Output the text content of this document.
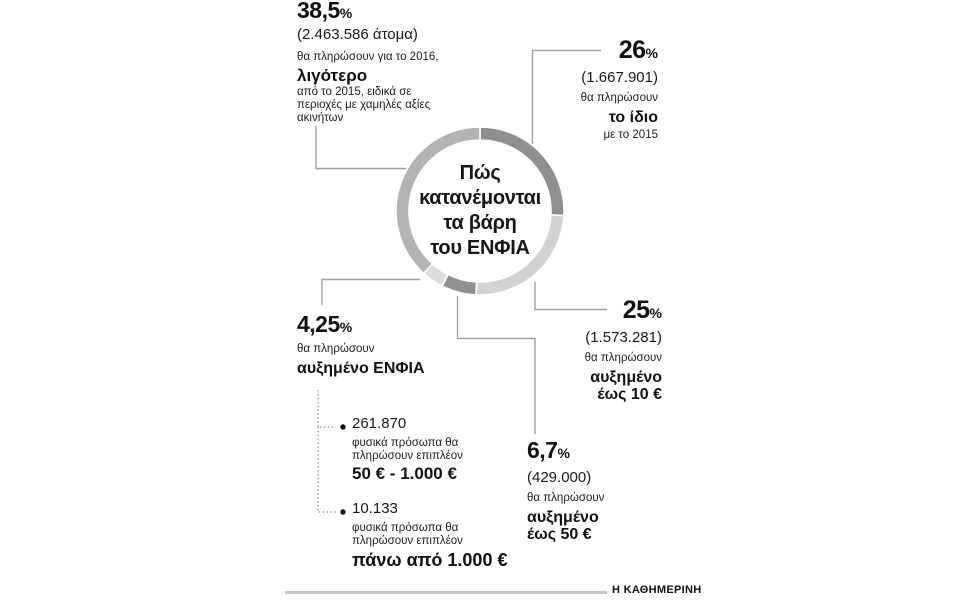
Πώς
κατανέμονται
τα βάρη
του ΕΝΦΙΑ
38,5%
(2.463.586 άτομα)
θα πληρώσουν για το 2016,
λιγότερο
από το 2015, ειδικά σε
περιοχές με χαμηλές αξίες
ακινήτων
26%
(1.667.901)
θα πληρώσουν
το ίδιο
με το 2015
25%
(1.573.281)
θα πληρώσουν
αυξημένο
έως 10 €
6,7%
(429.000)
θα πληρώσουν
αυξημένο
έως 50 €
4,25%
θα πληρώσουν
αυξημένο ΕΝΦΙΑ
261.870
φυσικά πρόσωπα θα
πληρώσουν επιπλέον
50 € - 1.000 €
10.133
φυσικά πρόσωπα θα
πληρώσουν επιπλέον
πάνω από 1.000 €
Η ΚΑΘΗΜΕΡΙΝΗ
